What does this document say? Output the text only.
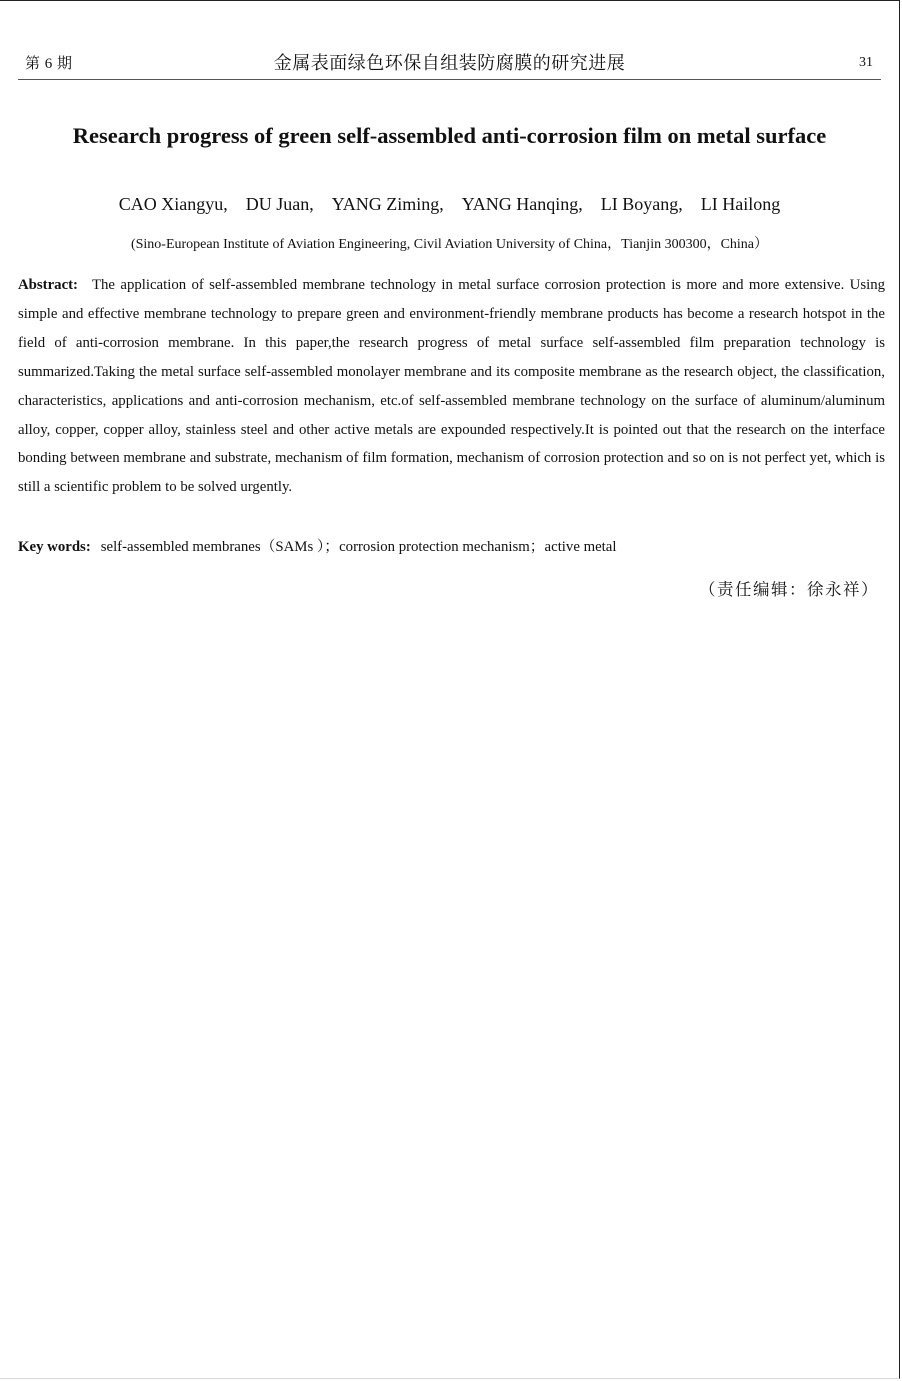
第 6 期	金属表面绿色环保自组装防腐膜的研究进展	31
Research progress of green self-assembled anti-corrosion film on metal surface
CAO Xiangyu,    DU Juan,    YANG Ziming,    YANG Hanqing,    LI Boyang,    LI Hailong
(Sino-European Institute of Aviation Engineering, Civil Aviation University of China，Tianjin 300300，China）

Abstract: The application of self-assembled membrane technology in metal surface corrosion protection is more and more extensive. Using simple and effective membrane technology to prepare green and environment-friendly membrane products has become a research hotspot in the field of anti-corrosion membrane. In this paper,the research progress of metal surface self-assembled film preparation technology is summarized.Taking the metal surface self-assembled monolayer membrane and its composite membrane as the research object, the classification, characteristics, applications and anti-corrosion mechanism, etc.of self-assembled membrane technology on the surface of aluminum/aluminum alloy, copper, copper alloy, stainless steel and other active metals are expounded respectively.It is pointed out that the research on the interface bonding between membrane and substrate, mechanism of film formation, mechanism of corrosion protection and so on is not perfect yet, which is still a scientific problem to be solved urgently.

Key words: self-assembled membranes（SAMs ）；corrosion protection mechanism；active metal

（责任编辑：徐永祥）
